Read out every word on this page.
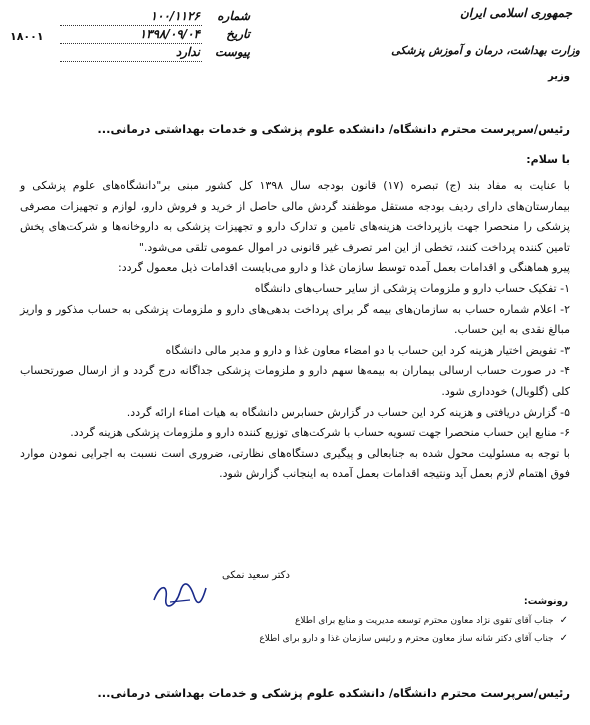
جمهوری اسلامی ایران
وزارت بهداشت، درمان و آموزش پزشکی
وزیر
شماره
۱۰۰/۱۱۲۶
تاریخ
۱۳۹۸/۰۹/۰۴
پیوست
ندارد
۱۸۰۰۱
رئیس/سرپرست محترم دانشگاه/ دانشکده علوم پزشکی و خدمات بهداشتی درمانی...
با سلام:

با عنایت به مفاد بند (ج) تبصره (۱۷) قانون بودجه سال ۱۳۹۸ کل کشور مبنی بر"دانشگاه‌های علوم پزشکی و بیمارستان‌های دارای ردیف بودجه مستقل موظفند گردش مالی حاصل از خرید و فروش دارو، لوازم و تجهیزات مصرفی پزشکی را منحصرا جهت بازپرداخت هزینه‌های تامین و تدارک دارو و تجهیزات پزشکی به داروخانه‌ها و شرکت‌های پخش تامین کننده پرداخت کنند، تخطی از این امر تصرف غیر قانونی در اموال عمومی تلقی می‌شود."

پیرو هماهنگی و اقدامات بعمل آمده توسط سازمان غذا و دارو می‌بایست اقدامات ذیل معمول گردد:

۱- تفکیک حساب دارو و ملزومات پزشکی از سایر حساب‌های دانشگاه
۲- اعلام شماره حساب به سازمان‌های بیمه گر برای پرداخت بدهی‌های دارو و ملزومات پزشکی به حساب مذکور و واریز مبالغ نقدی به این حساب.
۳- تفویض اختیار هزینه کرد این حساب با دو امضاء معاون غذا و دارو و مدیر مالی دانشگاه
۴- در صورت حساب ارسالی بیماران به بیمه‌ها سهم دارو و ملزومات پزشکی جداگانه درج گردد و از ارسال صورتحساب کلی (گلوبال) خودداری شود.
۵- گزارش دریافتی و هزینه کرد این حساب در گزارش حسابرس دانشگاه به هیات امناء ارائه گردد.
۶- منابع این حساب منحصرا جهت تسویه حساب با شرکت‌های توزیع کننده دارو و ملزومات پزشکی هزینه گردد.

با توجه به مسئولیت محول شده به جنابعالی و پیگیری دستگاه‌های نظارتی، ضروری است نسبت به اجرایی نمودن موارد فوق اهتمام لازم بعمل آید ونتیجه اقدامات بعمل آمده به اینجانب گزارش شود.

دکتر سعید نمکی
رونوشت:
✓
جناب آقای تقوی نژاد معاون محترم توسعه مدیریت و منابع برای اطلاع
✓
جناب آقای دکتر شانه ساز معاون محترم و رئیس سازمان غذا و دارو برای اطلاع
رئیس/سرپرست محترم دانشگاه/ دانشکده علوم پزشکی و خدمات بهداشتی درمانی...
